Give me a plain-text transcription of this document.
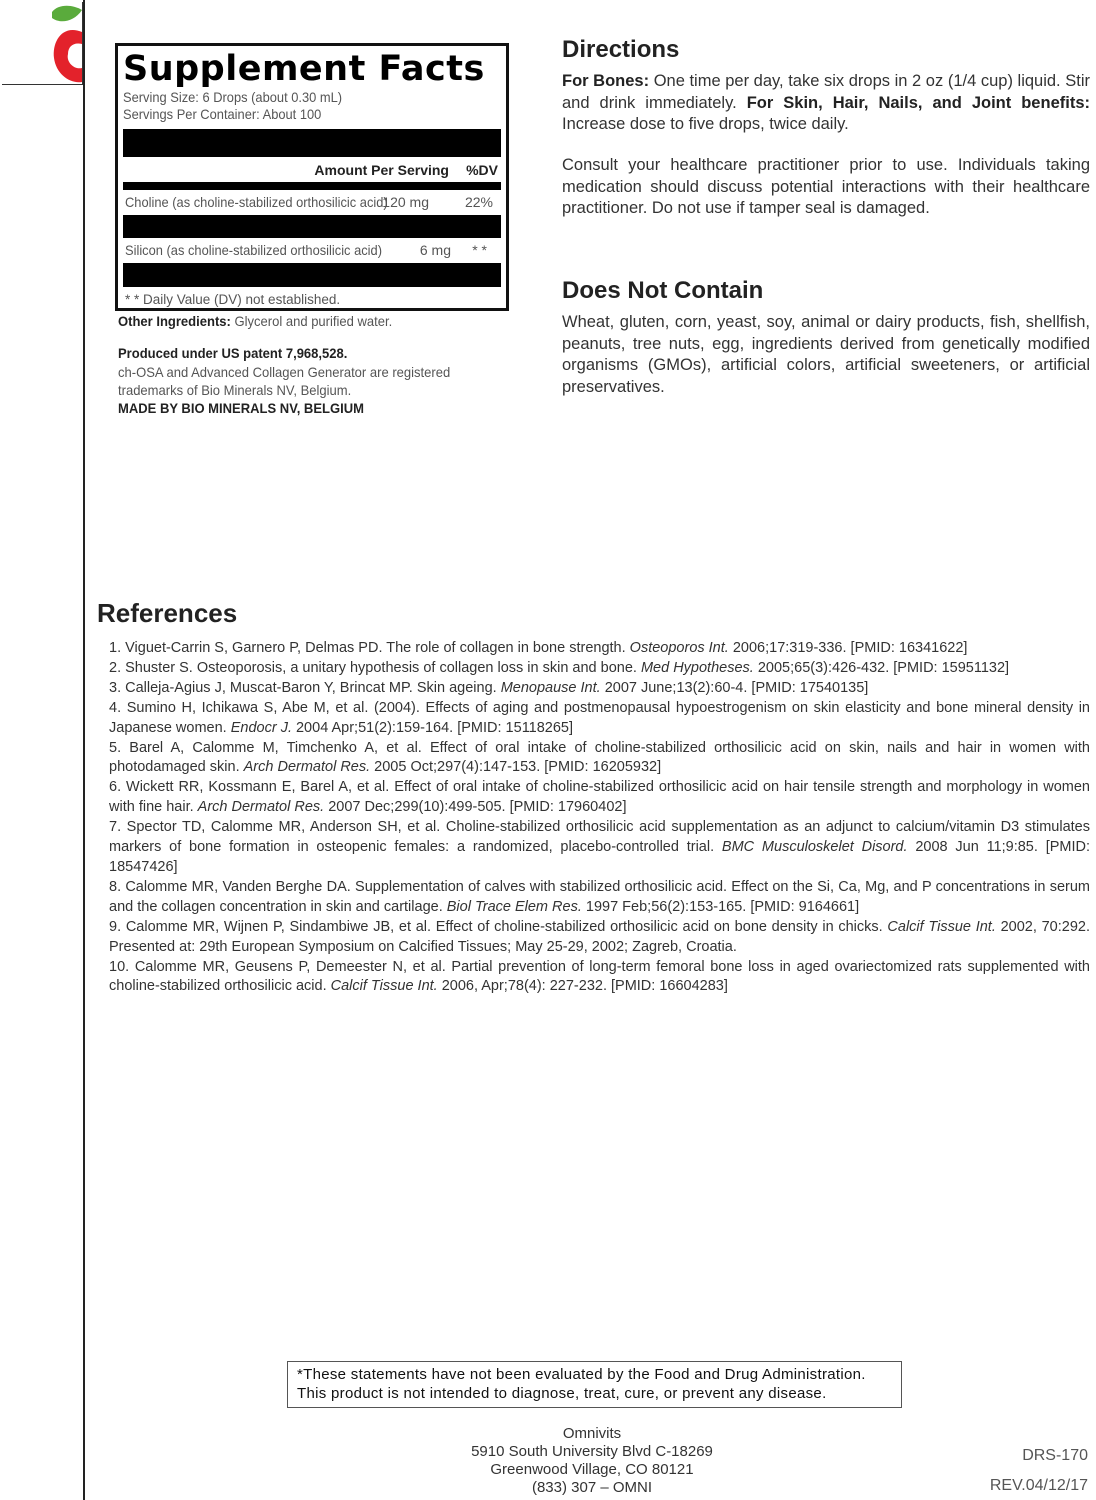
Supplement Facts
Serving Size: 6 Drops (about 0.30 mL)
Servings Per Container: About 100
Amount Per Serving %DV
Choline (as choline-stabilized orthosilicic acid)
120 mg	22%
Silicon (as choline-stabilized orthosilicic acid)	6 mg * *
* * Daily Value (DV) not established.
Other Ingredients: Glycerol and purified water.
Produced under US patent 7,968,528.
ch-OSA and Advanced Collagen Generator are registered trademarks of Bio Minerals NV, Belgium.
MADE BY BIO MINERALS NV, BELGIUM
Directions
For Bones: One time per day, take six drops in 2 oz (1/4 cup) liquid. Stir and drink immediately. For Skin, Hair, Nails, and Joint benefits: Increase dose to five drops, twice daily.
Consult your healthcare practitioner prior to use. Individuals taking medication should discuss potential interactions with their healthcare practitioner. Do not use if tamper seal is damaged.
Does Not Contain
Wheat, gluten, corn, yeast, soy, animal or dairy products, fish, shellfish, peanuts, tree nuts, egg, ingredients derived from genetically modified organisms (GMOs), artificial colors, artificial sweeteners, or artificial preservatives.
References
1. Viguet-Carrin S, Garnero P, Delmas PD. The role of collagen in bone strength. Osteoporos Int. 2006;17:319-336. [PMID: 16341622]
2. Shuster S. Osteoporosis, a unitary hypothesis of collagen loss in skin and bone. Med Hypotheses. 2005;65(3):426-432. [PMID: 15951132]
3. Calleja-Agius J, Muscat-Baron Y, Brincat MP. Skin ageing. Menopause Int. 2007 June;13(2):60-4. [PMID: 17540135]
4. Sumino H, Ichikawa S, Abe M, et al. (2004). Effects of aging and postmenopausal hypoestrogenism on skin elasticity and bone mineral density in Japanese women. Endocr J. 2004 Apr;51(2):159-164. [PMID: 15118265]
5. Barel A, Calomme M, Timchenko A, et al. Effect of oral intake of choline-stabilized orthosilicic acid on skin, nails and hair in women with photodamaged skin. Arch Dermatol Res. 2005 Oct;297(4):147-153. [PMID: 16205932]
6. Wickett RR, Kossmann E, Barel A, et al. Effect of oral intake of choline-stabilized orthosilicic acid on hair tensile strength and morphology in women with fine hair. Arch Dermatol Res. 2007 Dec;299(10):499-505. [PMID: 17960402]
7. Spector TD, Calomme MR, Anderson SH, et al. Choline-stabilized orthosilicic acid supplementation as an adjunct to calcium/vitamin D3 stimulates markers of bone formation in osteopenic females: a randomized, placebo-controlled trial. BMC Musculoskelet Disord. 2008 Jun 11;9:85. [PMID: 18547426]
8. Calomme MR, Vanden Berghe DA. Supplementation of calves with stabilized orthosilicic acid. Effect on the Si, Ca, Mg, and P concentrations in serum and the collagen concentration in skin and cartilage. Biol Trace Elem Res. 1997 Feb;56(2):153-165. [PMID: 9164661]
9. Calomme MR, Wijnen P, Sindambiwe JB, et al. Effect of choline-stabilized orthosilicic acid on bone density in chicks. Calcif Tissue Int. 2002, 70:292. Presented at: 29th European Symposium on Calcified Tissues; May 25-29, 2002; Zagreb, Croatia.
10. Calomme MR, Geusens P, Demeester N, et al. Partial prevention of long-term femoral bone loss in aged ovariectomized rats supplemented with choline-stabilized orthosilicic acid. Calcif Tissue Int. 2006, Apr;78(4): 227-232. [PMID: 16604283]
*These statements have not been evaluated by the Food and Drug Administration.
This product is not intended to diagnose, treat, cure, or prevent any disease.
Omnivits
5910 South University Blvd C-18269
Greenwood Village, CO 80121
(833) 307 – OMNI
DRS-170
REV.04/12/17
